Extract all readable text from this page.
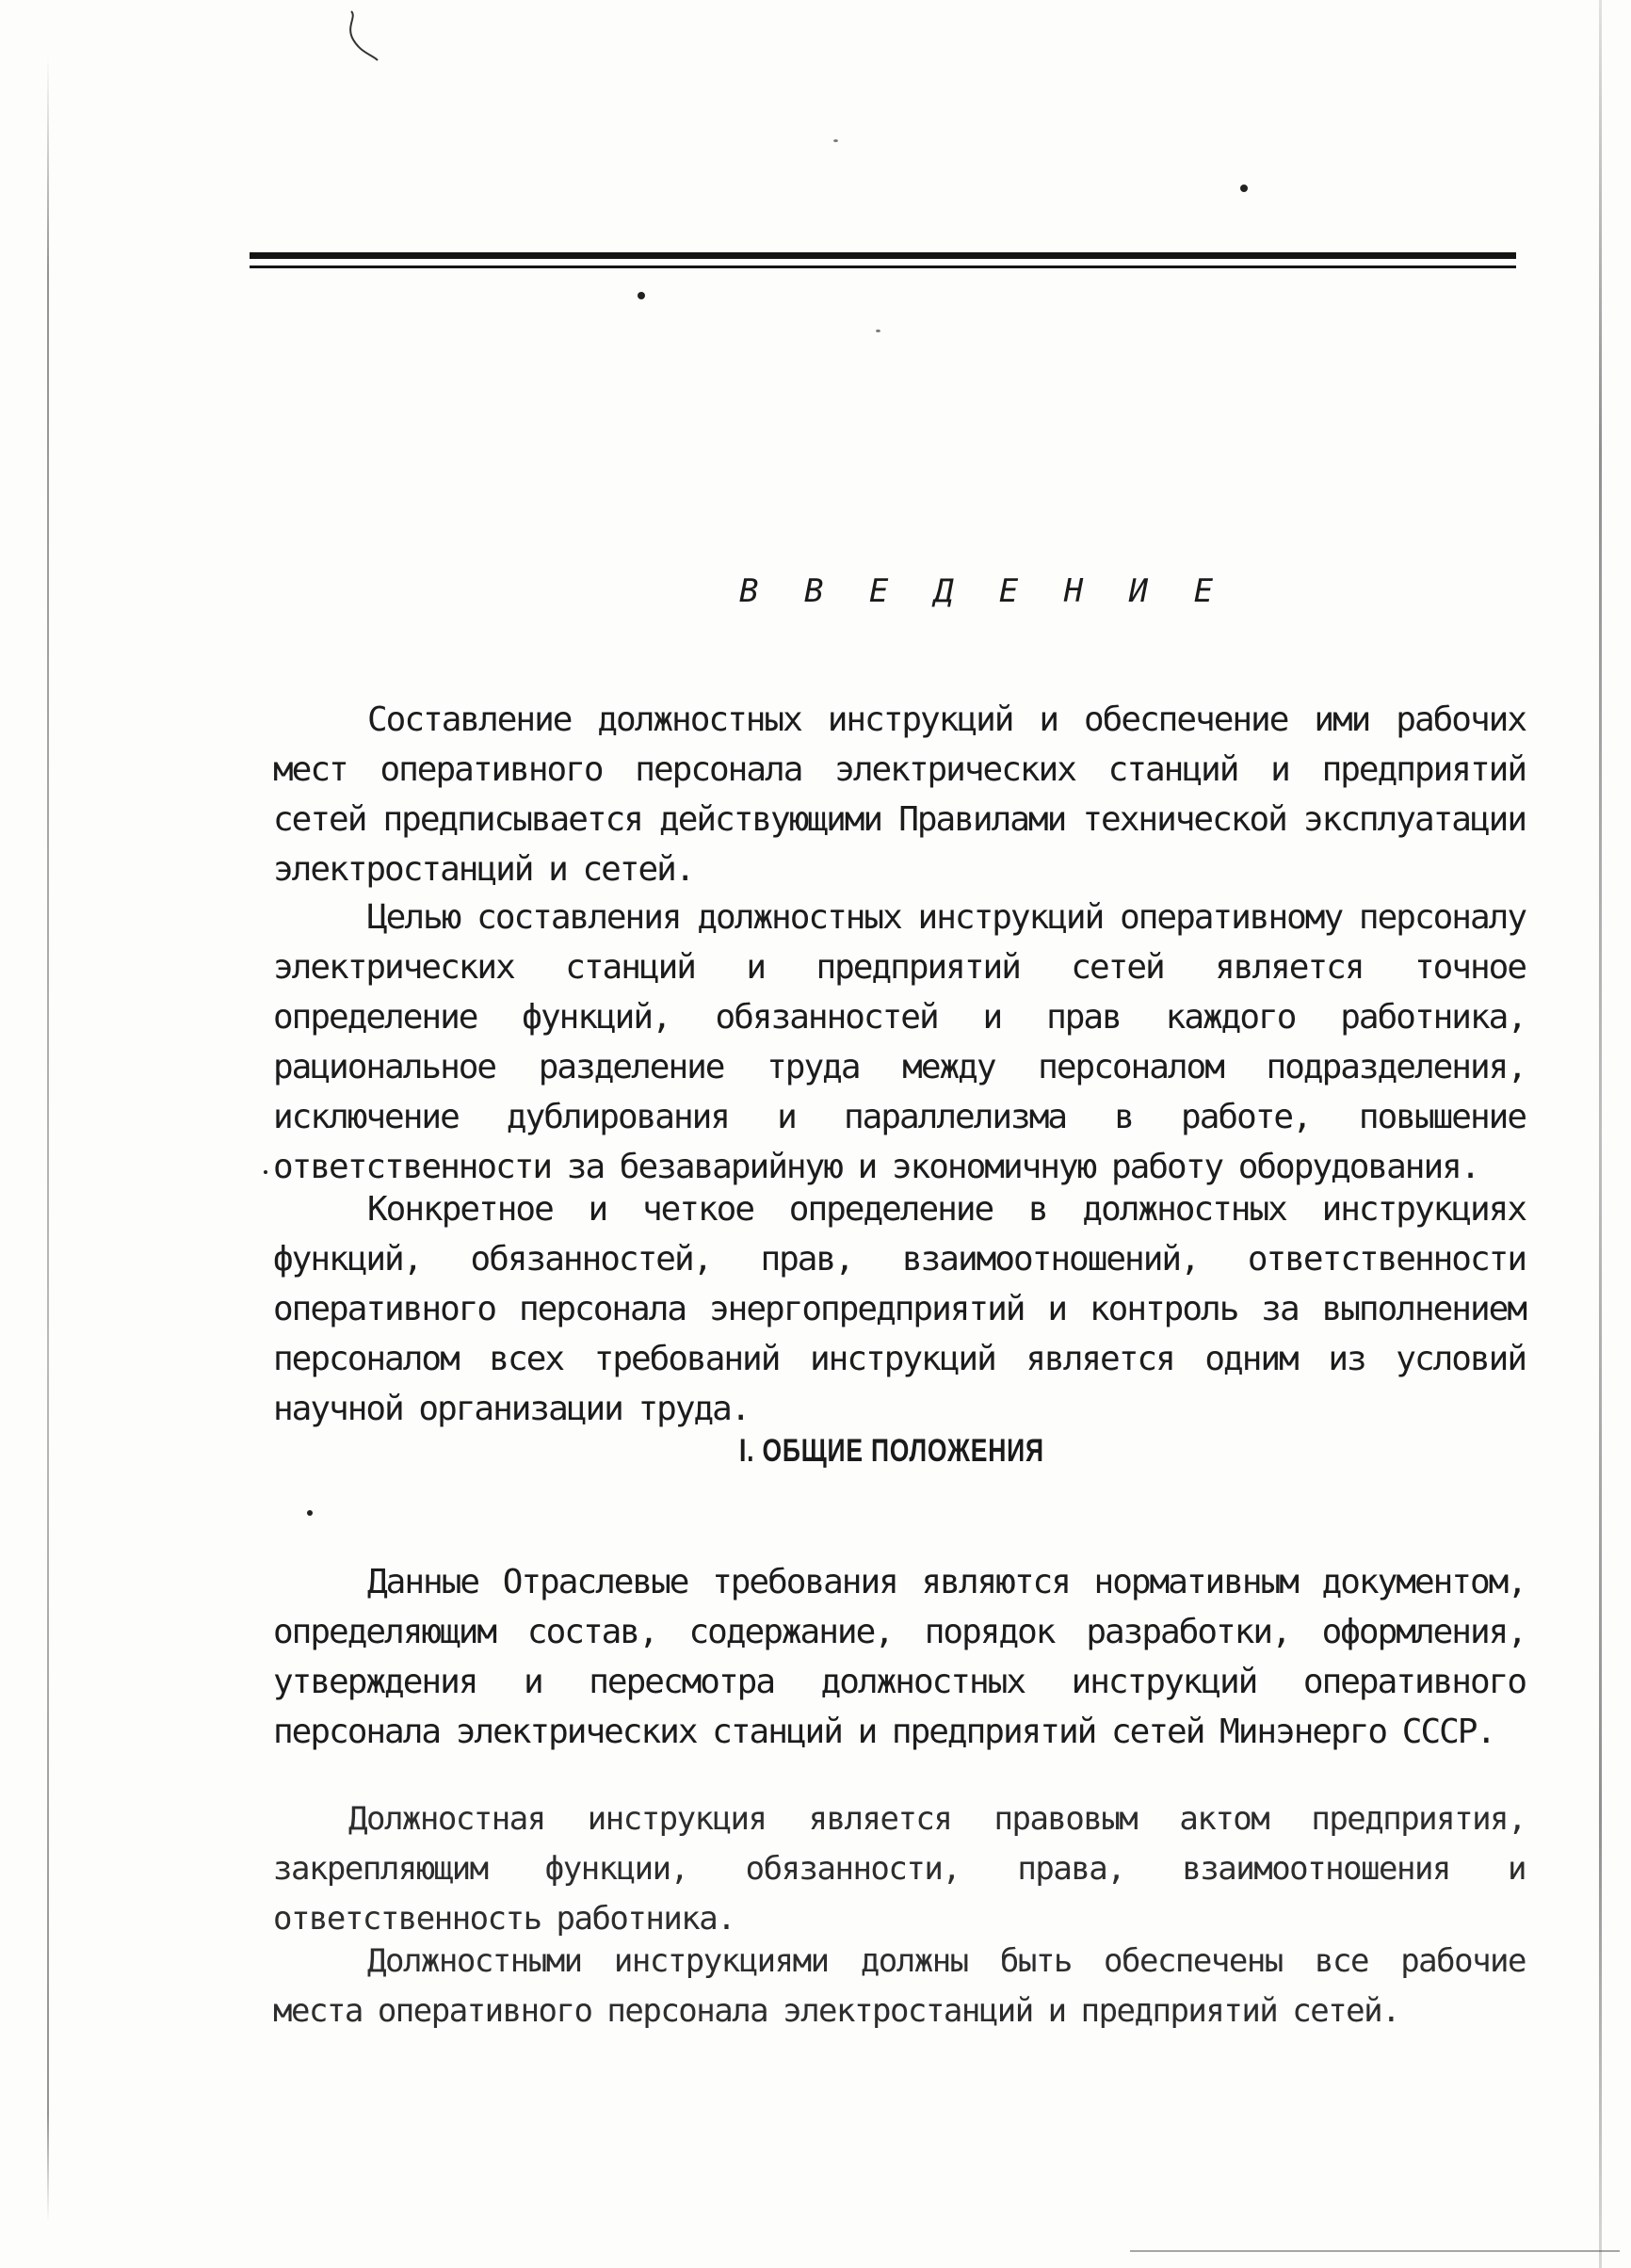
В В Е Д Е Н И Е

Составление должностных инструкций и обеспечение ими рабочих мест оперативного персонала электрических станций и предприятий сетей предписывается действующими Правилами технической эксплуатации электростанций и сетей.

Целью составления должностных инструкций оперативному персоналу электрических станций и предприятий сетей является точное определение функций, обязанностей и прав каждого работника, рациональное разделение труда между персоналом подразделения, исключение дублирования и параллелизма в работе, повышение ответственности за безаварийную и экономичную работу оборудования.

Конкретное и четкое определение в должностных инструкциях функций, обязанностей, прав, взаимоотношений, ответственности оперативного персонала энергопредприятий и контроль за выполнением персоналом всех требований инструкций является одним из условий научной организации труда.

I. ОБЩИЕ ПОЛОЖЕНИЯ

Данные Отраслевые требования являются нормативным документом, определяющим состав, содержание, порядок разработки, оформления, утверждения и пересмотра должностных инструкций оперативного персонала электрических станций и предприятий сетей Минэнерго СССР.

Должностная инструкция является правовым актом предприятия, закрепляющим функции, обязанности, права, взаимоотношения и ответственность работника.

Должностными инструкциями должны быть обеспечены все рабочие места оперативного персонала электростанций и предприятий сетей.
